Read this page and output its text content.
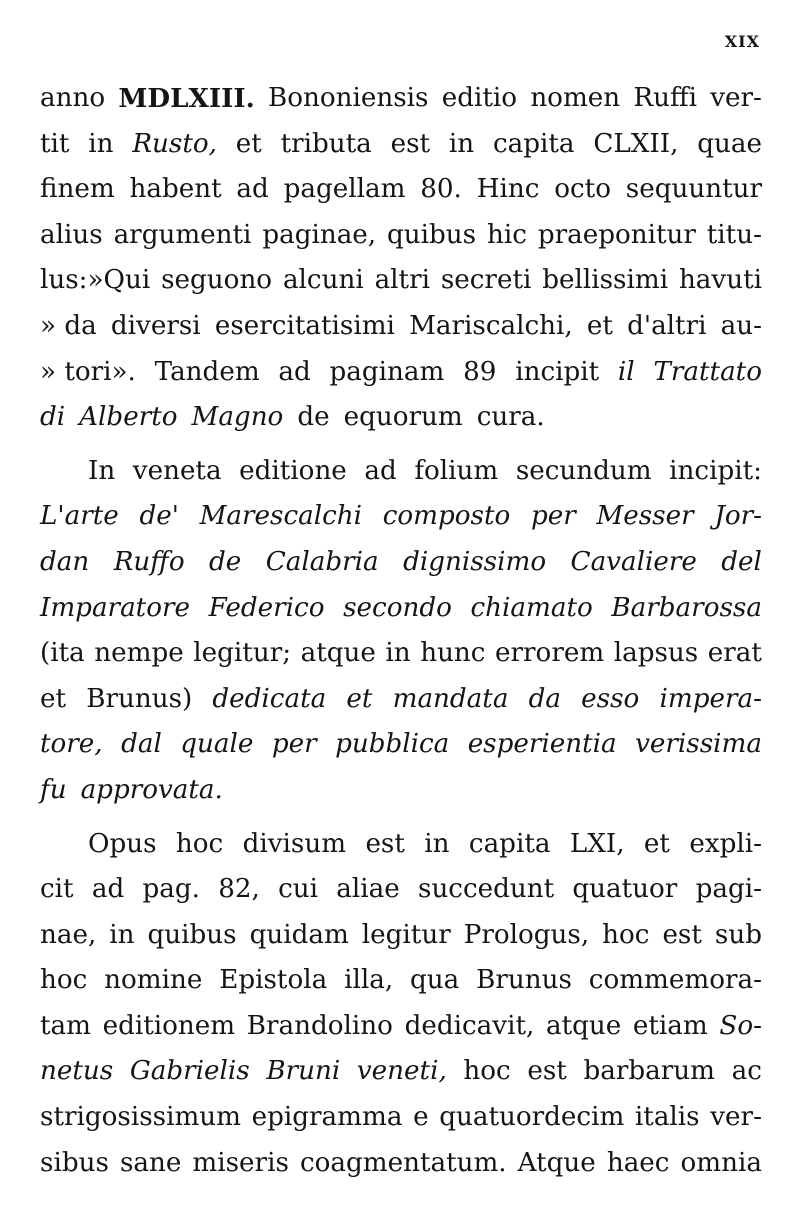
XIX
anno MDLXIII. Bononiensis editio nomen Ruffi ver-
tit in Rusto, et tributa est in capita CLXII, quae
finem habent ad pagellam 80. Hinc octo sequuntur
alius argumenti paginae, quibus hic praeponitur titu-
lus:»Qui seguono alcuni altri secreti bellissimi havuti
» da diversi esercitatisimi Mariscalchi, et d'altri au-
» tori». Tandem ad paginam 89 incipit il Trattato
di Alberto Magno de equorum cura.
In veneta editione ad folium secundum incipit:
L'arte de' Marescalchi composto per Messer Jor-
dan Ruffo de Calabria dignissimo Cavaliere del
Imparatore Federico secondo chiamato Barbarossa
(ita nempe legitur; atque in hunc errorem lapsus erat
et Brunus) dedicata et mandata da esso impera-
tore, dal quale per pubblica esperientia verissima
fu approvata.
Opus hoc divisum est in capita LXI, et expli-
cit ad pag. 82, cui aliae succedunt quatuor pagi-
nae, in quibus quidam legitur Prologus, hoc est sub
hoc nomine Epistola illa, qua Brunus commemora-
tam editionem Brandolino dedicavit, atque etiam So-
netus Gabrielis Bruni veneti, hoc est barbarum ac
strigosissimum epigramma e quatuordecim italis ver-
sibus sane miseris coagmentatum. Atque haec omnia
